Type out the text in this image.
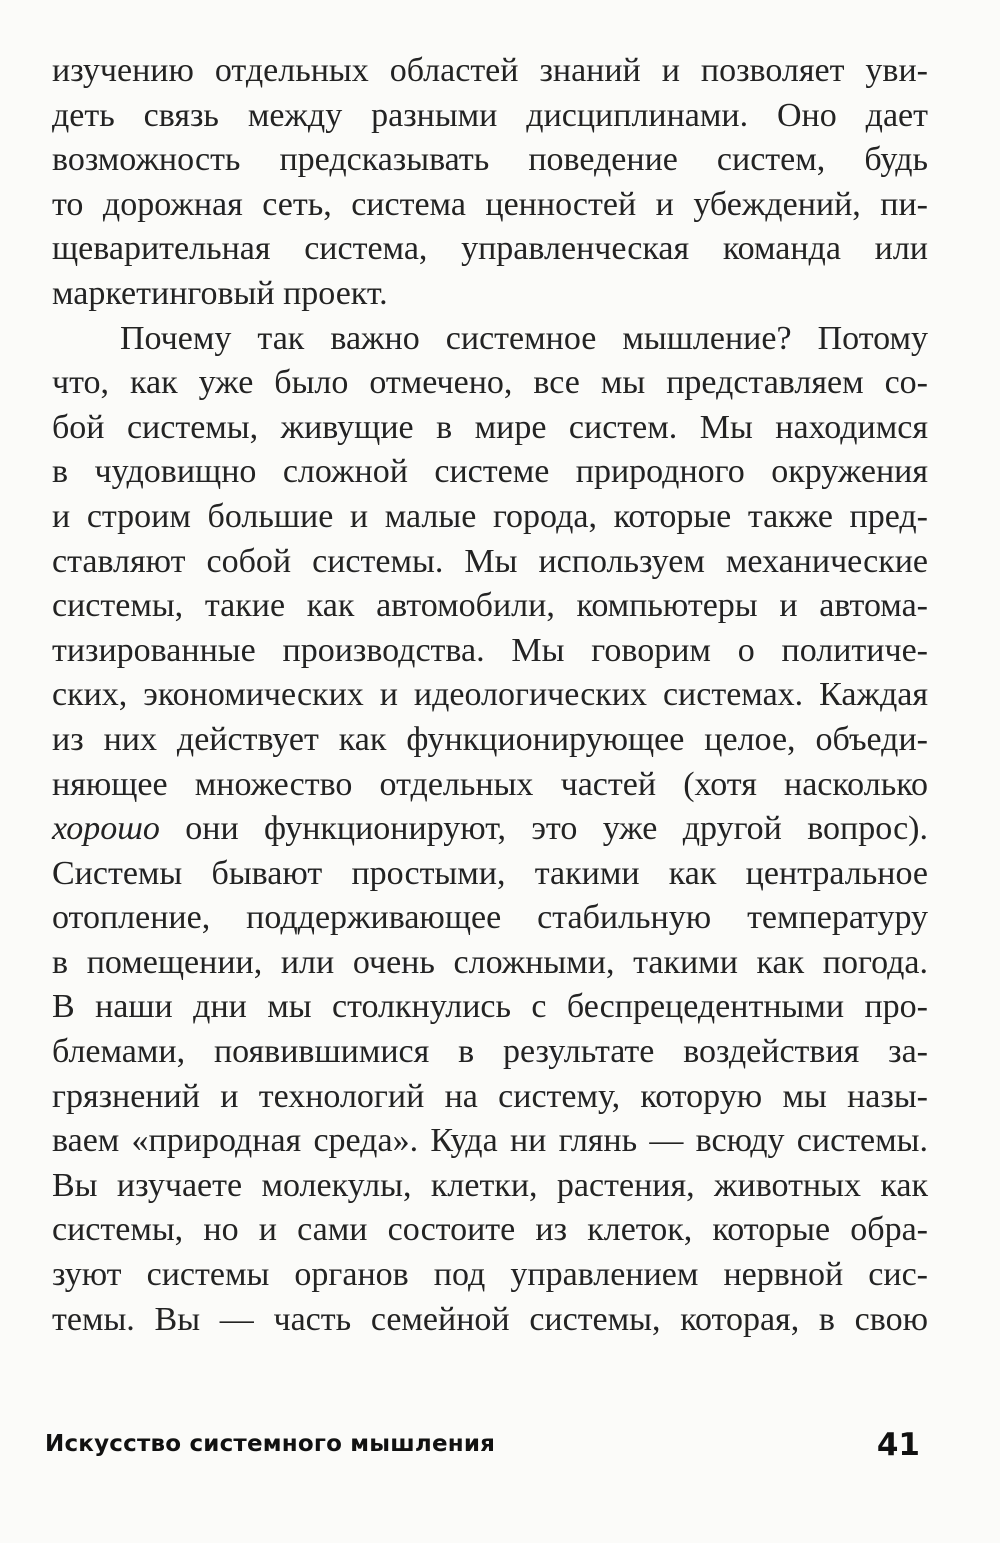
изучению отдельных областей знаний и позволяет уви-
деть связь между разными дисциплинами. Оно дает
возможность предсказывать поведение систем, будь
то дорожная сеть, система ценностей и убеждений, пи-
щеварительная система, управленческая команда или
маркетинговый проект.
Почему так важно системное мышление? Потому
что, как уже было отмечено, все мы представляем со-
бой системы, живущие в мире систем. Мы находимся
в чудовищно сложной системе природного окружения
и строим большие и малые города, которые также пред-
ставляют собой системы. Мы используем механические
системы, такие как автомобили, компьютеры и автома-
тизированные производства. Мы говорим о политиче-
ских, экономических и идеологических системах. Каждая
из них действует как функционирующее целое, объеди-
няющее множество отдельных частей (хотя насколько
хорошо они функционируют, это уже другой вопрос).
Системы бывают простыми, такими как центральное
отопление, поддерживающее стабильную температуру
в помещении, или очень сложными, такими как погода.
В наши дни мы столкнулись с беспрецедентными про-
блемами, появившимися в результате воздействия за-
грязнений и технологий на систему, которую мы назы-
ваем «природная среда». Куда ни глянь — всюду системы.
Вы изучаете молекулы, клетки, растения, животных как
системы, но и сами состоите из клеток, которые обра-
зуют системы органов под управлением нервной сис-
темы. Вы — часть семейной системы, которая, в свою
Искусство системного мышления	41
